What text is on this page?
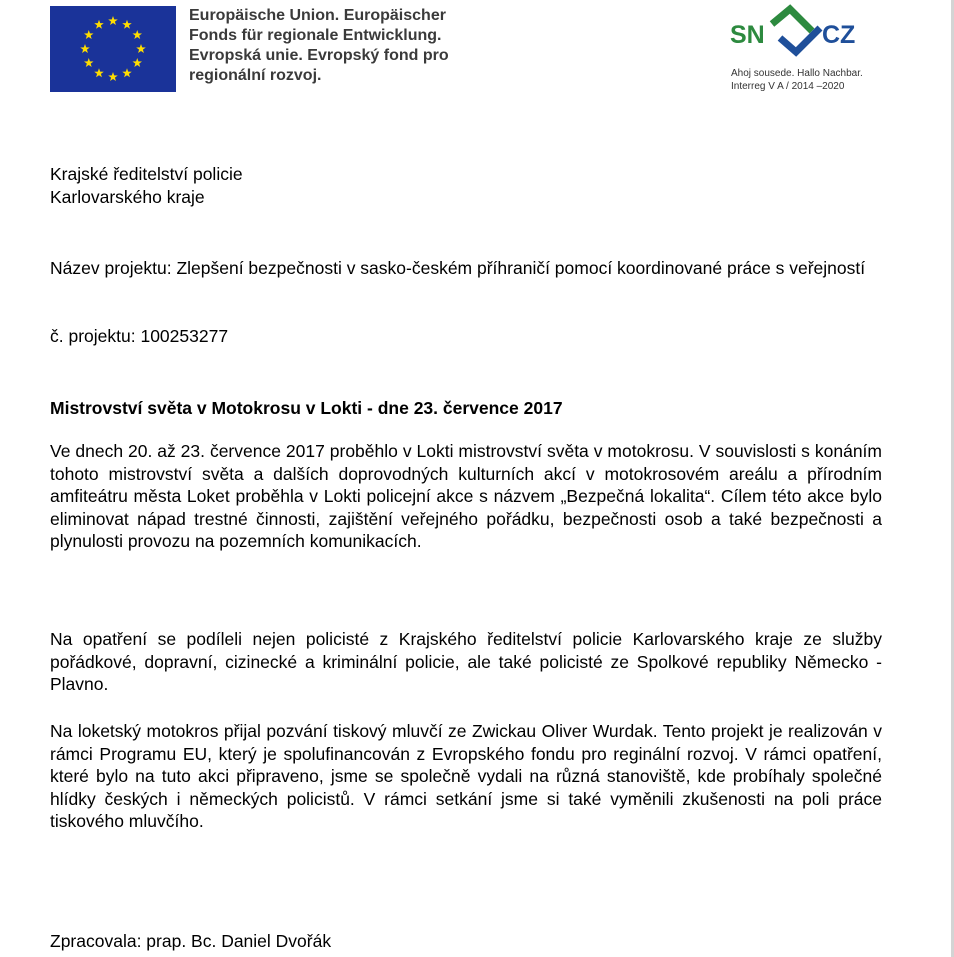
Europäische Union. Europäischer
Fonds für regionale Entwicklung.
Evropská unie. Evropský fond pro
regionální rozvoj.
SN CZ
Ahoj sousede. Hallo Nachbar.
Interreg V A / 2014 –2020
Krajské ředitelství policie
Karlovarského kraje
Název projektu: Zlepšení bezpečnosti v sasko-českém příhraničí pomocí koordinované práce s veřejností
č. projektu: 100253277
Mistrovství světa v Motokrosu v Lokti - dne 23. července 2017
Ve dnech 20. až 23. července 2017 proběhlo v Lokti mistrovství světa v motokrosu. V souvislosti s konáním tohoto mistrovství světa a dalších doprovodných kulturních akcí v motokrosovém areálu a přírodním amfiteátru města Loket proběhla v Lokti policejní akce s názvem „Bezpečná lokalita“. Cílem této akce bylo eliminovat nápad trestné činnosti, zajištění veřejného pořádku, bezpečnosti osob a také bezpečnosti a plynulosti provozu na pozemních komunikacích.
Na opatření se podíleli nejen policisté z Krajského ředitelství policie Karlovarského kraje ze služby pořádkové, dopravní, cizinecké a kriminální policie, ale také policisté ze Spolkové republiky Německo - Plavno.
Na loketský motokros přijal pozvání tiskový mluvčí ze Zwickau Oliver Wurdak. Tento projekt je realizován v rámci Programu EU, který je spolufinancován z Evropského fondu pro reginální rozvoj. V rámci opatření, které bylo na tuto akci připraveno, jsme se společně vydali na různá stanoviště, kde probíhaly společné hlídky českých i německých policistů. V rámci setkání jsme si také vyměnili zkušenosti na poli práce tiskového mluvčího.
Zpracovala: prap. Bc. Daniel Dvořák
